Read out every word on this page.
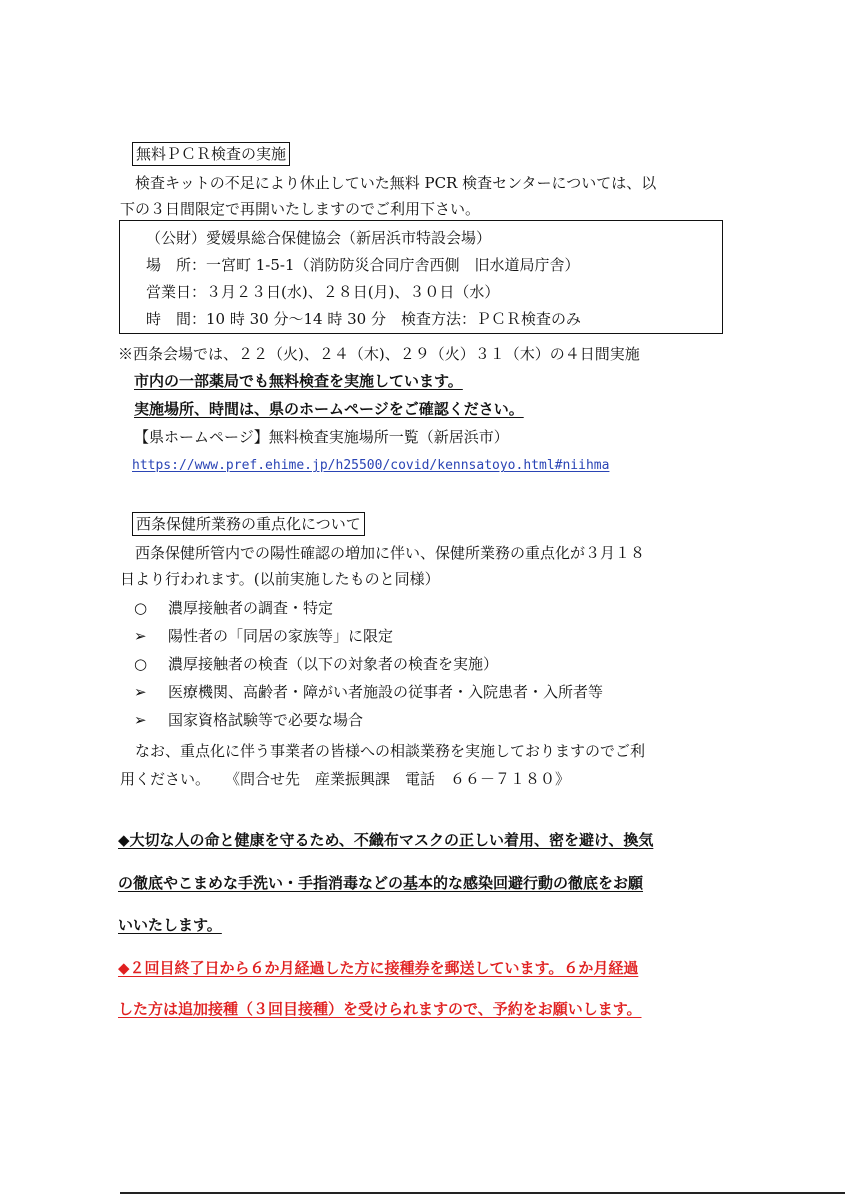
無料ＰＣＲ検査の実施
　検査キットの不足により休止していた無料 PCR 検査センターについては、以
下の３日間限定で再開いたしますのでご利用下さい。
（公財）愛媛県総合保健協会（新居浜市特設会場）
場　所：一宮町 1-5-1（消防防災合同庁舎西側　旧水道局庁舎）
営業日：３月２３日(水)、２８日(月)、３０日（水）
時　間：10 時 30 分～14 時 30 分　検査方法：ＰＣＲ検査のみ
※西条会場では、２２（火)、２４（木)、２９（火）３１（木）の４日間実施
市内の一部薬局でも無料検査を実施しています。
実施場所、時間は、県のホームページをご確認ください。
【県ホームページ】無料検査実施場所一覧（新居浜市）
https://www.pref.ehime.jp/h25500/covid/kennsatoyo.html#niihma
西条保健所業務の重点化について
　西条保健所管内での陽性確認の増加に伴い、保健所業務の重点化が３月１８
日より行われます。(以前実施したものと同様）
○ 濃厚接触者の調査・特定
➢ 陽性者の「同居の家族等」に限定
○ 濃厚接触者の検査（以下の対象者の検査を実施）
➢ 医療機関、高齢者・障がい者施設の従事者・入院患者・入所者等
➢ 国家資格試験等で必要な場合
　なお、重点化に伴う事業者の皆様への相談業務を実施しておりますのでご利
用ください。　　《問合せ先　産業振興課　電話　６６－７１８０》
◆大切な人の命と健康を守るため、不織布マスクの正しい着用、密を避け、換気
の徹底やこまめな手洗い・手指消毒などの基本的な感染回避行動の徹底をお願
いいたします。
◆２回目終了日から６か月経過した方に接種券を郵送しています。６か月経過
した方は追加接種（３回目接種）を受けられますので、予約をお願いします。
